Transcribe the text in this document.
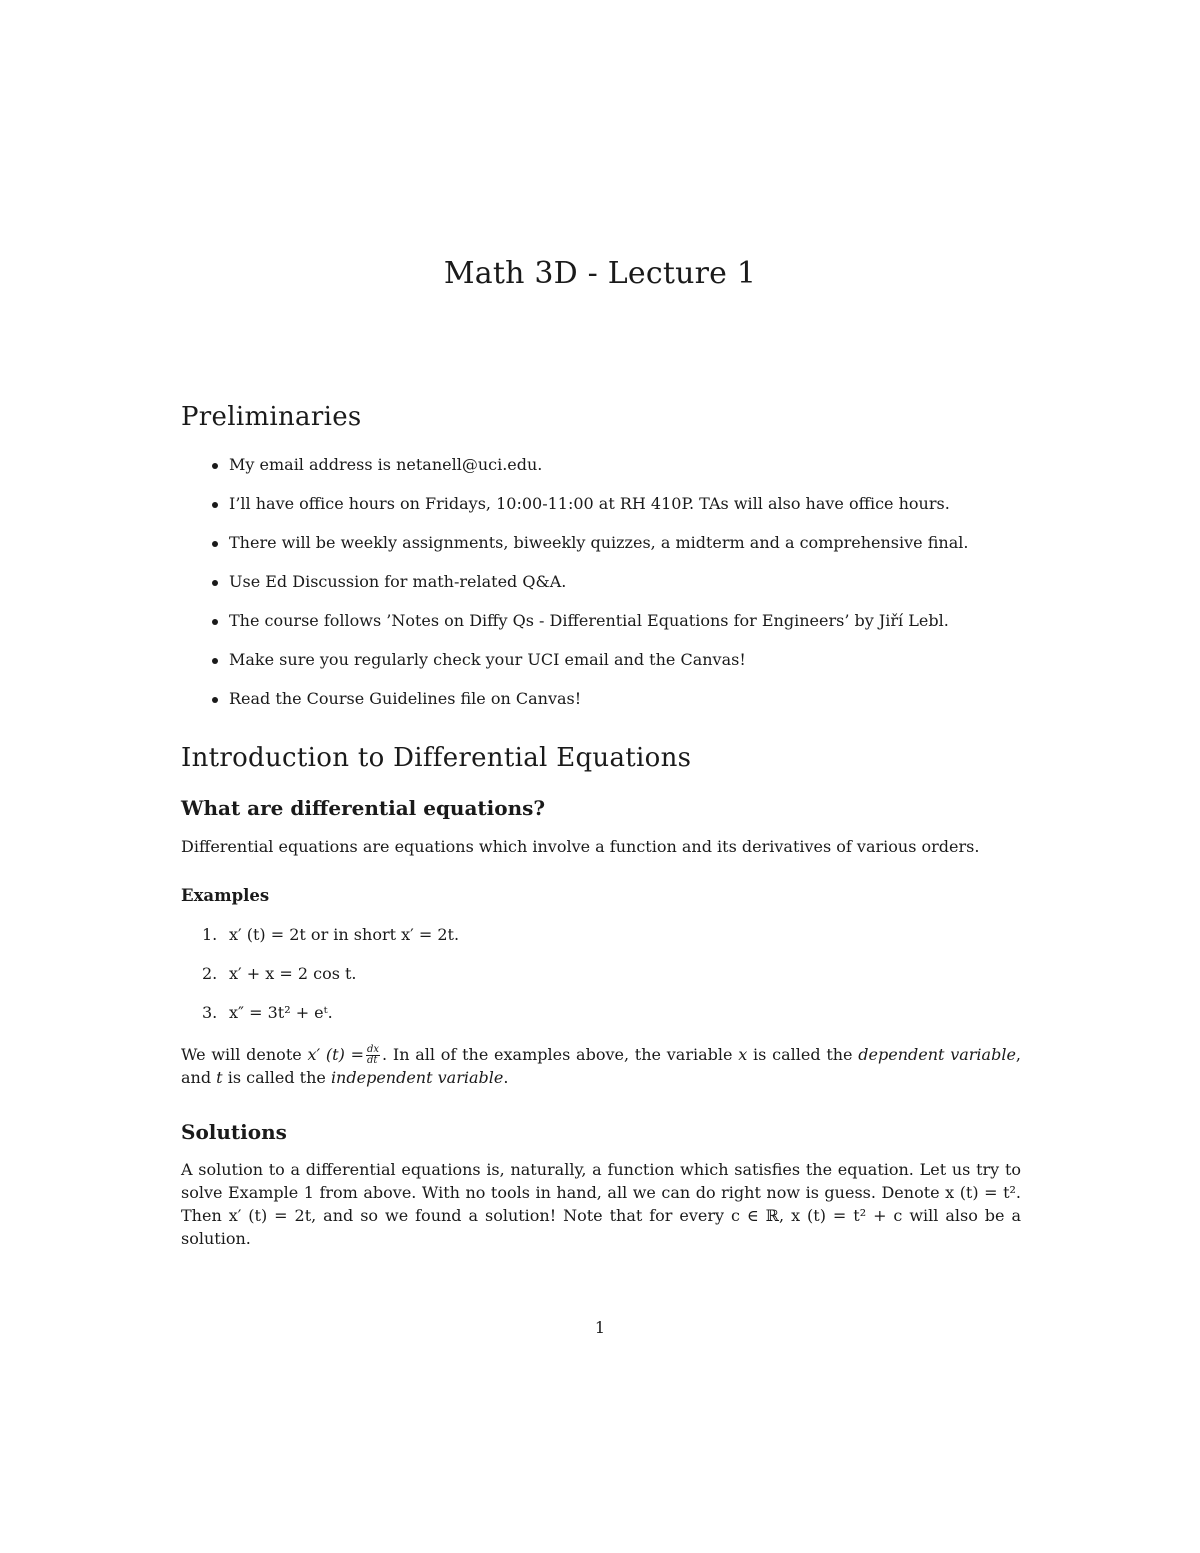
Math 3D - Lecture 1
Preliminaries
My email address is netanell@uci.edu.
I’ll have office hours on Fridays, 10:00-11:00 at RH 410P. TAs will also have office hours.
There will be weekly assignments, biweekly quizzes, a midterm and a comprehensive final.
Use Ed Discussion for math-related Q&A.
The course follows ’Notes on Diffy Qs - Differential Equations for Engineers’ by Jiří Lebl.
Make sure you regularly check your UCI email and the Canvas!
Read the Course Guidelines file on Canvas!
Introduction to Differential Equations
What are differential equations?

Differential equations are equations which involve a function and its derivatives of various orders.

Examples
1. x′ (t) = 2t or in short x′ = 2t.
2. x′ + x = 2 cos t.
3. x″ = 3t² + eᵗ.

We will denote x′ $(t) = \frac{dx}{dt}$ . In all of the examples above, the variable x is called the dependent variable, and t is called the independent variable.

Solutions

A solution to a differential equations is, naturally, a function which satisfies the equation. Let us try to solve Example 1 from above. With no tools in hand, all we can do right now is guess. Denote x (t) = t². Then x′ (t) = 2t, and so we found a solution! Note that for every c ∈ ℝ, x (t) = t² + c will also be a solution.

1
